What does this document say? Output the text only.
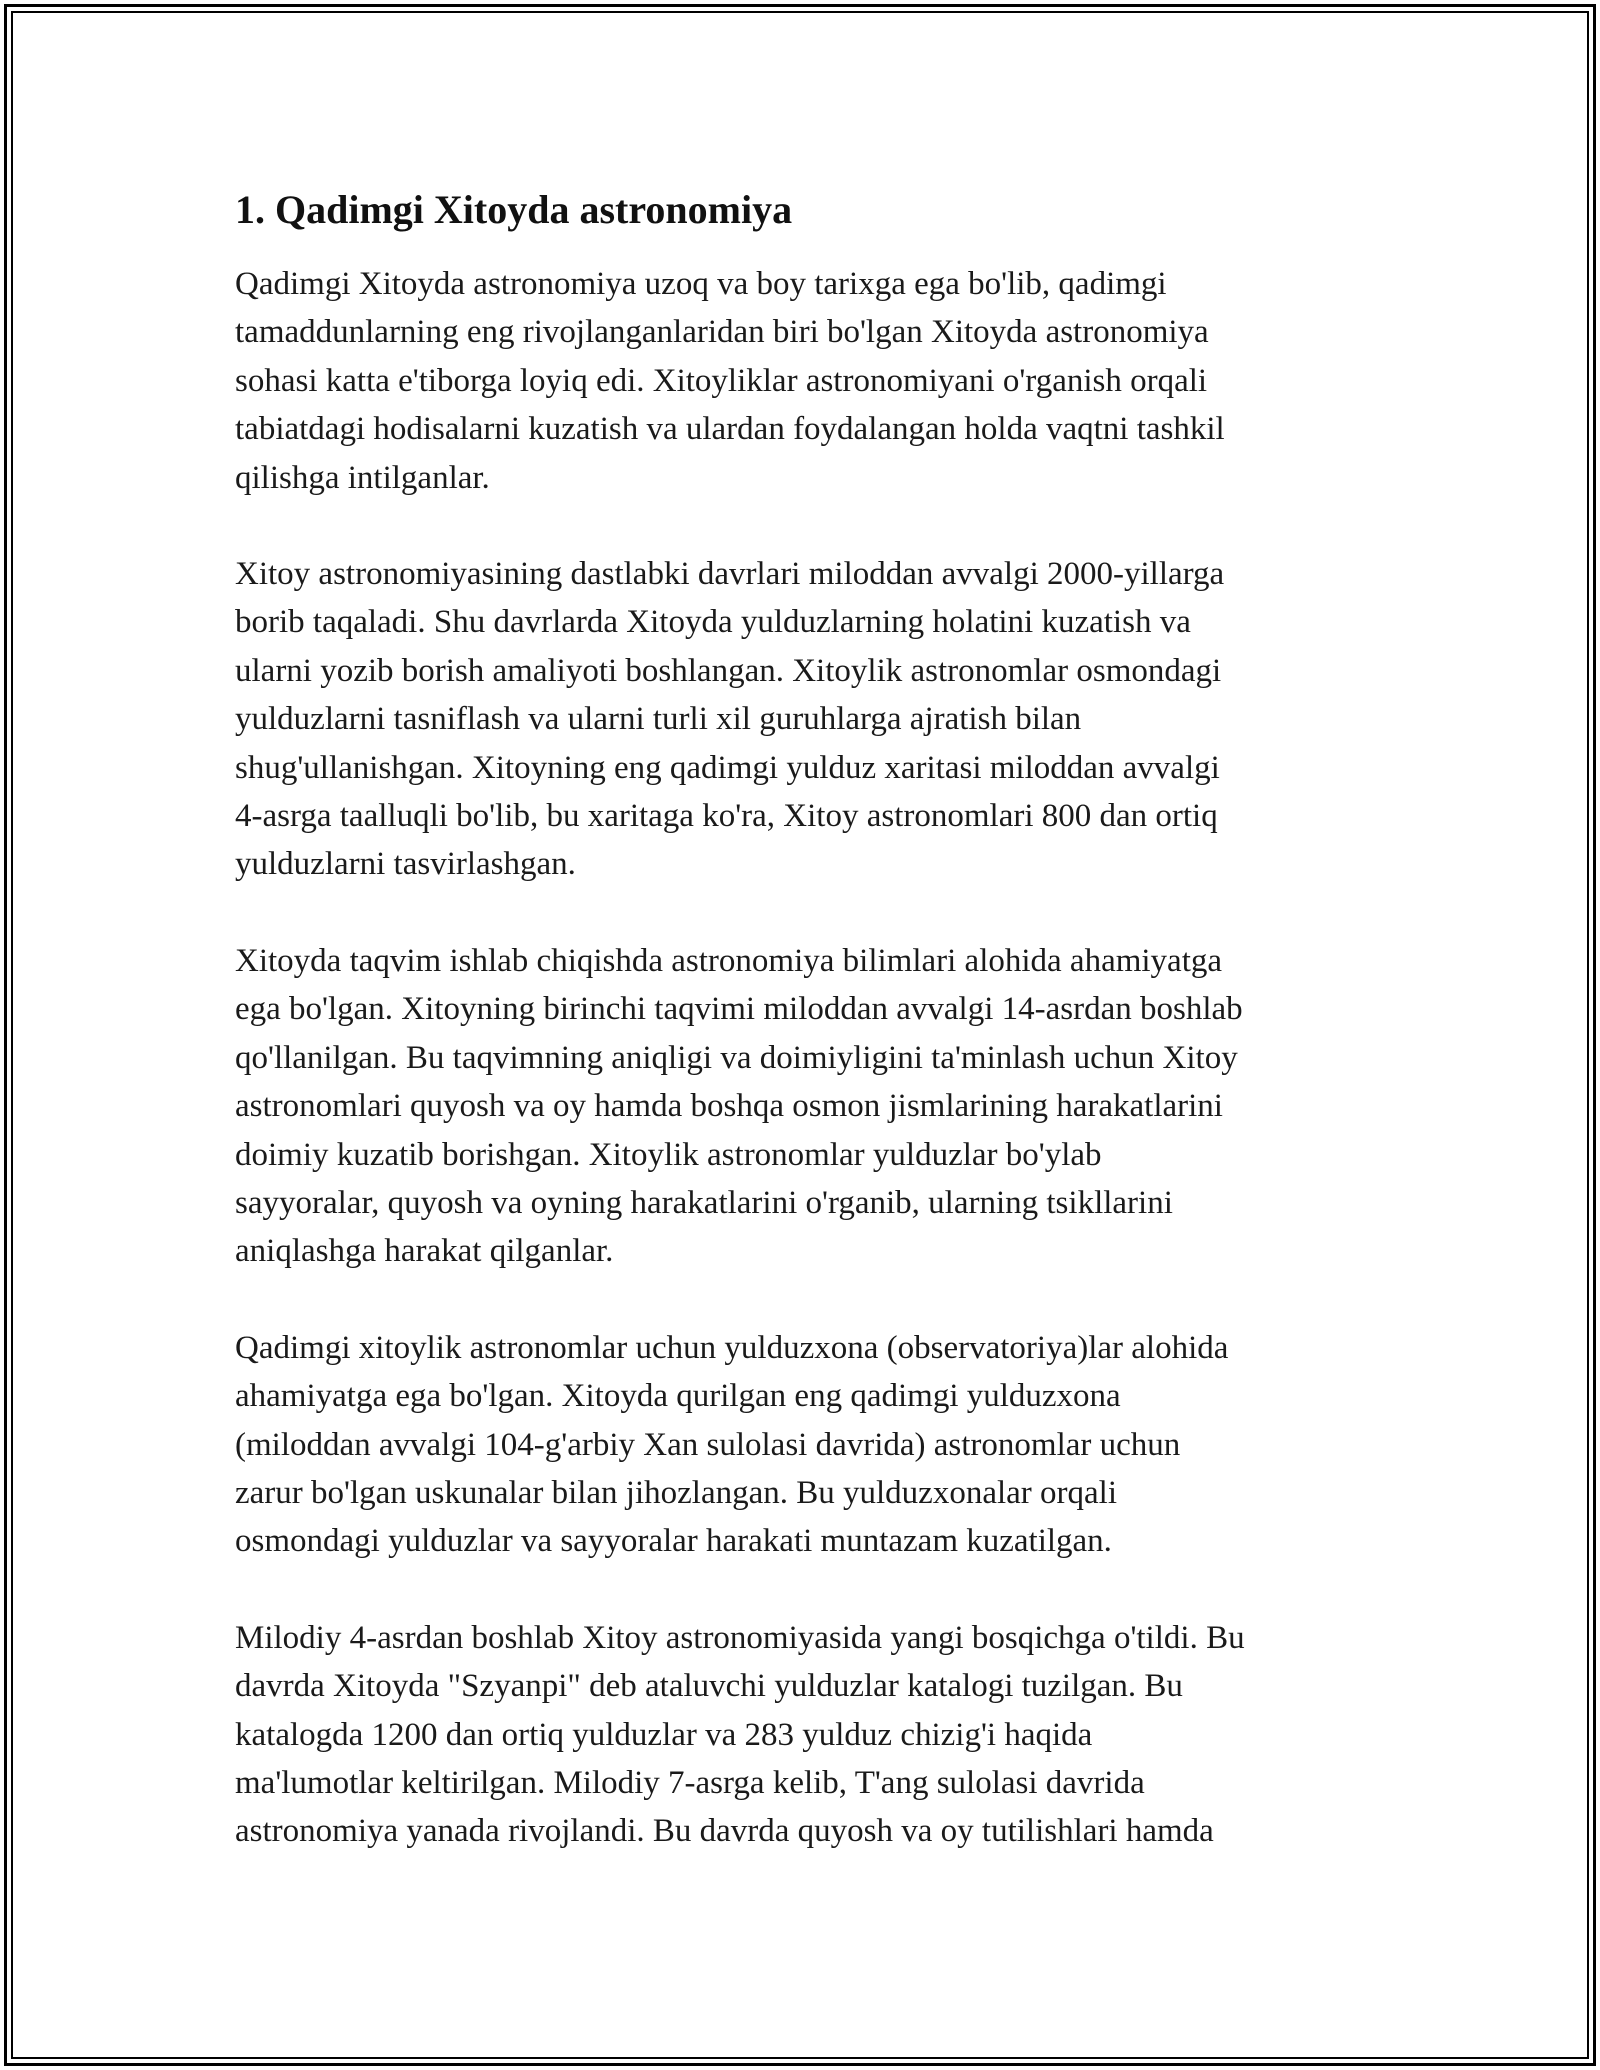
1. Qadimgi Xitoyda astronomiya

Qadimgi Xitoyda astronomiya uzoq va boy tarixga ega bo'lib, qadimgi
tamaddunlarning eng rivojlanganlaridan biri bo'lgan Xitoyda astronomiya
sohasi katta e'tiborga loyiq edi. Xitoyliklar astronomiyani o'rganish orqali
tabiatdagi hodisalarni kuzatish va ulardan foydalangan holda vaqtni tashkil
qilishga intilganlar.

Xitoy astronomiyasining dastlabki davrlari miloddan avvalgi 2000-yillarga
borib taqaladi. Shu davrlarda Xitoyda yulduzlarning holatini kuzatish va
ularni yozib borish amaliyoti boshlangan. Xitoylik astronomlar osmondagi
yulduzlarni tasniflash va ularni turli xil guruhlarga ajratish bilan
shug'ullanishgan. Xitoyning eng qadimgi yulduz xaritasi miloddan avvalgi
4-asrga taalluqli bo'lib, bu xaritaga ko'ra, Xitoy astronomlari 800 dan ortiq
yulduzlarni tasvirlashgan.

Xitoyda taqvim ishlab chiqishda astronomiya bilimlari alohida ahamiyatga
ega bo'lgan. Xitoyning birinchi taqvimi miloddan avvalgi 14-asrdan boshlab
qo'llanilgan. Bu taqvimning aniqligi va doimiyligini ta'minlash uchun Xitoy
astronomlari quyosh va oy hamda boshqa osmon jismlarining harakatlarini
doimiy kuzatib borishgan. Xitoylik astronomlar yulduzlar bo'ylab
sayyoralar, quyosh va oyning harakatlarini o'rganib, ularning tsikllarini
aniqlashga harakat qilganlar.

Qadimgi xitoylik astronomlar uchun yulduzxona (observatoriya)lar alohida
ahamiyatga ega bo'lgan. Xitoyda qurilgan eng qadimgi yulduzxona
(miloddan avvalgi 104-g'arbiy Xan sulolasi davrida) astronomlar uchun
zarur bo'lgan uskunalar bilan jihozlangan. Bu yulduzxonalar orqali
osmondagi yulduzlar va sayyoralar harakati muntazam kuzatilgan.

Milodiy 4-asrdan boshlab Xitoy astronomiyasida yangi bosqichga o'tildi. Bu
davrda Xitoyda "Szyanpi" deb ataluvchi yulduzlar katalogi tuzilgan. Bu
katalogda 1200 dan ortiq yulduzlar va 283 yulduz chizig'i haqida
ma'lumotlar keltirilgan. Milodiy 7-asrga kelib, T'ang sulolasi davrida
astronomiya yanada rivojlandi. Bu davrda quyosh va oy tutilishlari hamda
